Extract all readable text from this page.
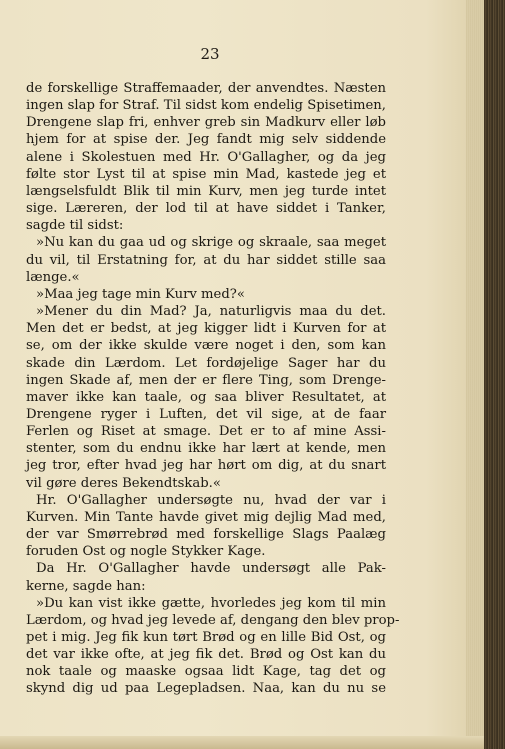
23
de forskellige Straffemaader, der anvendtes. Næsten
ingen slap for Straf. Til sidst kom endelig Spisetimen,
Drengene slap fri, enhver greb sin Madkurv eller løb
hjem for at spise der. Jeg fandt mig selv siddende
alene i Skolestuen med Hr. O'Gallagher, og da jeg
følte stor Lyst til at spise min Mad, kastede jeg et
længselsfuldt Blik til min Kurv, men jeg turde intet
sige. Læreren, der lod til at have siddet i Tanker,
sagde til sidst:
»Nu kan du gaa ud og skrige og skraale, saa meget
du vil, til Erstatning for, at du har siddet stille saa
længe.«
»Maa jeg tage min Kurv med?«
»Mener du din Mad? Ja, naturligvis maa du det.
Men det er bedst, at jeg kigger lidt i Kurven for at
se, om der ikke skulde være noget i den, som kan
skade din Lærdom. Let fordøjelige Sager har du
ingen Skade af, men der er flere Ting, som Drenge-
maver ikke kan taale, og saa bliver Resultatet, at
Drengene ryger i Luften, det vil sige, at de faar
Ferlen og Riset at smage. Det er to af mine Assi-
stenter, som du endnu ikke har lært at kende, men
jeg tror, efter hvad jeg har hørt om dig, at du snart
vil gøre deres Bekendtskab.«
Hr. O'Gallagher undersøgte nu, hvad der var i
Kurven. Min Tante havde givet mig dejlig Mad med,
der var Smørrebrød med forskellige Slags Paalæg
foruden Ost og nogle Stykker Kage.
Da Hr. O'Gallagher havde undersøgt alle Pak-
kerne, sagde han:
»Du kan vist ikke gætte, hvorledes jeg kom til min
Lærdom, og hvad jeg levede af, dengang den blev prop-
pet i mig. Jeg fik kun tørt Brød og en lille Bid Ost, og
det var ikke ofte, at jeg fik det. Brød og Ost kan du
nok taale og maaske ogsaa lidt Kage, tag det og
skynd dig ud paa Legepladsen. Naa, kan du nu se
